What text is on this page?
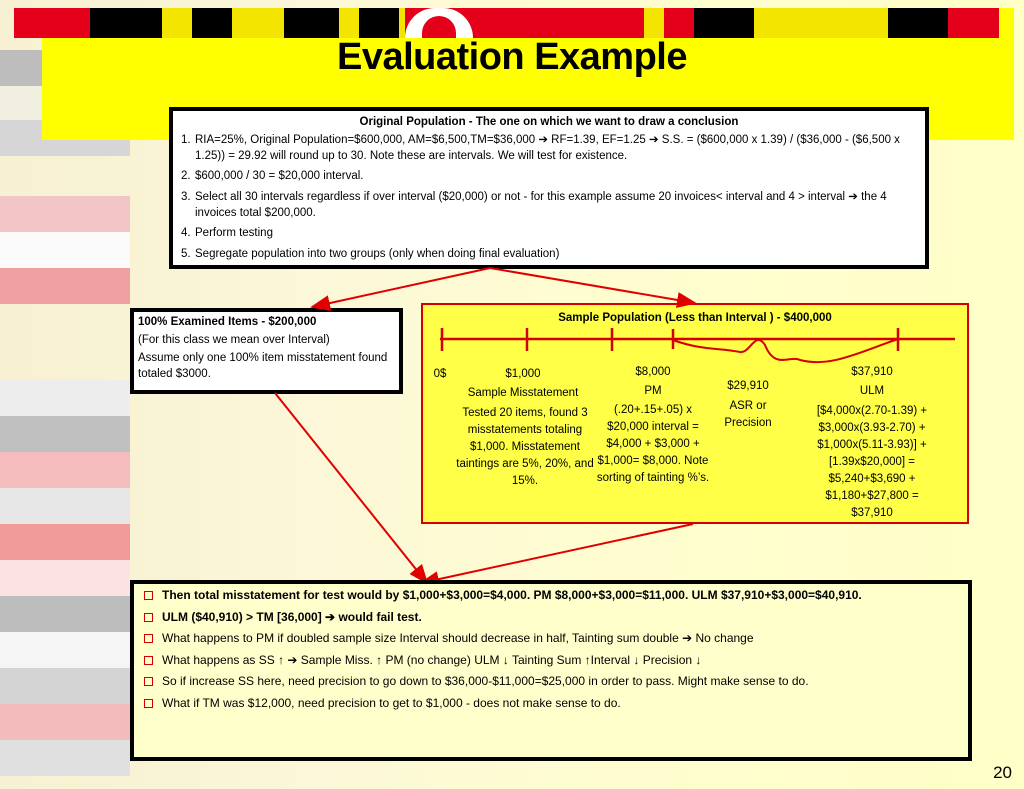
Evaluation Example
Original Population - The one on which we want to draw a conclusion
1. RIA=25%, Original Population=$600,000, AM=$6,500,TM=$36,000 ➔ RF=1.39, EF=1.25 ➔ S.S. = ($600,000 x 1.39) / ($36,000 - ($6,500 x 1.25)) = 29.92 will round up to 30. Note these are intervals. We will test for existence.
2. $600,000 / 30 = $20,000 interval.
3. Select all 30 intervals regardless if over interval ($20,000) or not - for this example assume 20 invoices< interval and 4 > interval ➔ the 4 invoices total $200,000.
4. Perform testing
5. Segregate population into two groups (only when doing final evaluation)
100% Examined Items - $200,000
(For this class we mean over Interval)
Assume only one 100% item misstatement found totaled $3000.
Sample Population (Less than Interval ) - $400,000
0$	$1,000
Sample Misstatement
Tested 20 items, found 3 misstatements totaling $1,000. Misstatement taintings are 5%, 20%, and 15%.
$8,000
PM
(.20+.15+.05) x $20,000 interval = $4,000 + $3,000 + $1,000= $8,000. Note sorting of tainting %’s.
$29,910
ASR or Precision
$37,910
ULM
[$4,000x(2.70-1.39) + $3,000x(3.93-2.70) + $1,000x(5.11-3.93)] + [1.39x$20,000] = $5,240+$3,690 + $1,180+$27,800 = $37,910
Then total misstatement for test would by $1,000+$3,000=$4,000. PM $8,000+$3,000=$11,000. ULM $37,910+$3,000=$40,910.
ULM ($40,910) > TM [36,000] ➔ would fail test.
What happens to PM if doubled sample size Interval should decrease in half, Tainting sum double ➔ No change
What happens as SS ↑ ➔ Sample Miss. ↑ PM (no change) ULM ↓ Tainting Sum ↑Interval ↓ Precision ↓
So if increase SS here, need precision to go down to $36,000-$11,000=$25,000 in order to pass. Might make sense to do.
What if TM was $12,000, need precision to get to $1,000 - does not make sense to do.
20
